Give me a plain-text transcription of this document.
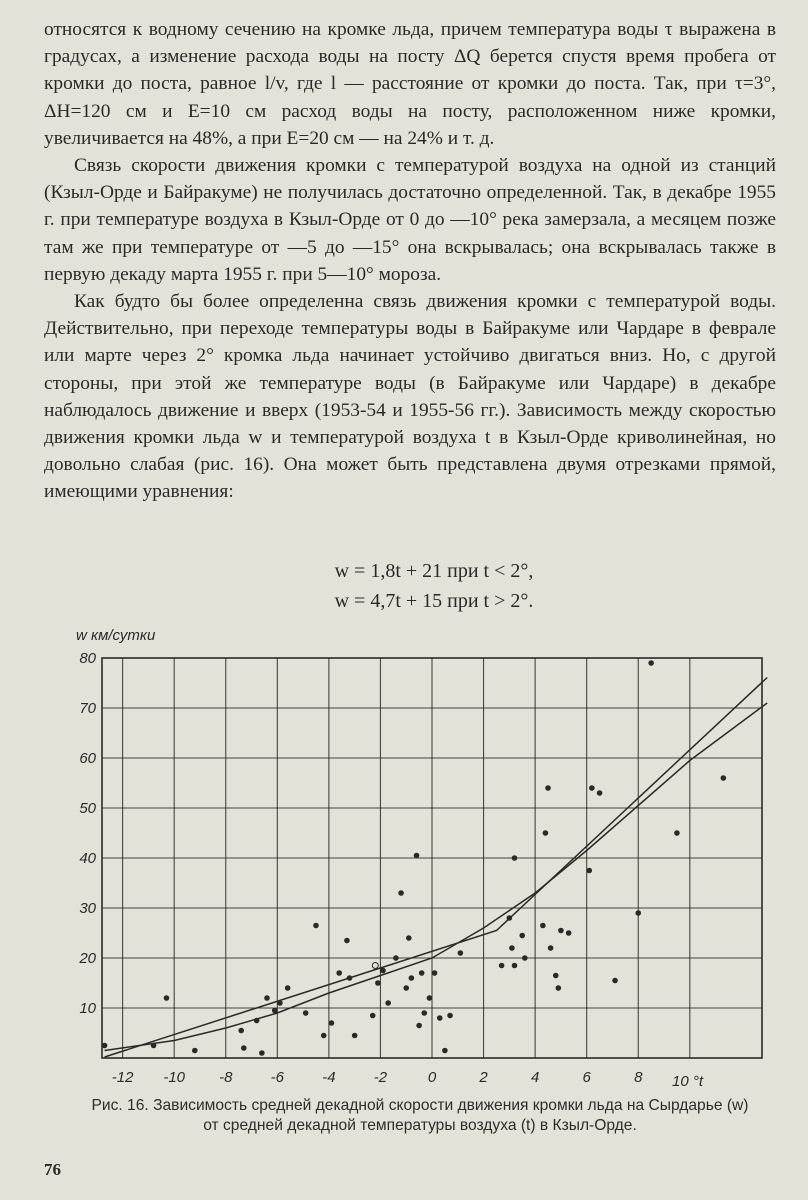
относятся к водному сечению на кромке льда, причем температура воды τ выражена в градусах, а изменение расхода воды на посту ΔQ берется спустя время пробега от кромки до поста, равное l/v, где l — расстояние от кромки до поста. Так, при τ=3°, ΔH=120 см и E=10 см расход воды на посту, расположенном ниже кромки, увеличивается на 48%, а при E=20 см — на 24% и т. д.

Связь скорости движения кромки с температурой воздуха на одной из станций (Кзыл-Орде и Байракуме) не получилась достаточно определенной. Так, в декабре 1955 г. при температуре воздуха в Кзыл-Орде от 0 до —10° река замерзала, а месяцем позже там же при температуре от —5 до —15° она вскрывалась; она вскрывалась также в первую декаду марта 1955 г. при 5—10° мороза.

Как будто бы более определенна связь движения кромки с температурой воды. Действительно, при переходе температуры воды в Байракуме или Чардаре в феврале или марте через 2° кромка льда начинает устойчиво двигаться вниз. Но, с другой стороны, при этой же температуре воды (в Байракуме или Чардаре) в декабре наблюдалось движение и вверх (1953-54 и 1955-56 гг.). Зависимость между скоростью движения кромки льда w и температурой воздуха t в Кзыл-Орде криволинейная, но довольно слабая (рис. 16). Она может быть представлена двумя отрезками прямой, имеющими уравнения:

w = 1,8t + 21 при t < 2°,
w = 4,7t + 15 при t > 2°.
-12 -10 -8	-6	-4	-2	0	2	4	6	8
10
20
30
40
50
60
70
80
w км/сутки
10 °t
Рис. 16. Зависимость средней декадной скорости движения кромки льда на Сырдарье (w) от средней декадной температуры воздуха (t) в Кзыл-Орде.
76
